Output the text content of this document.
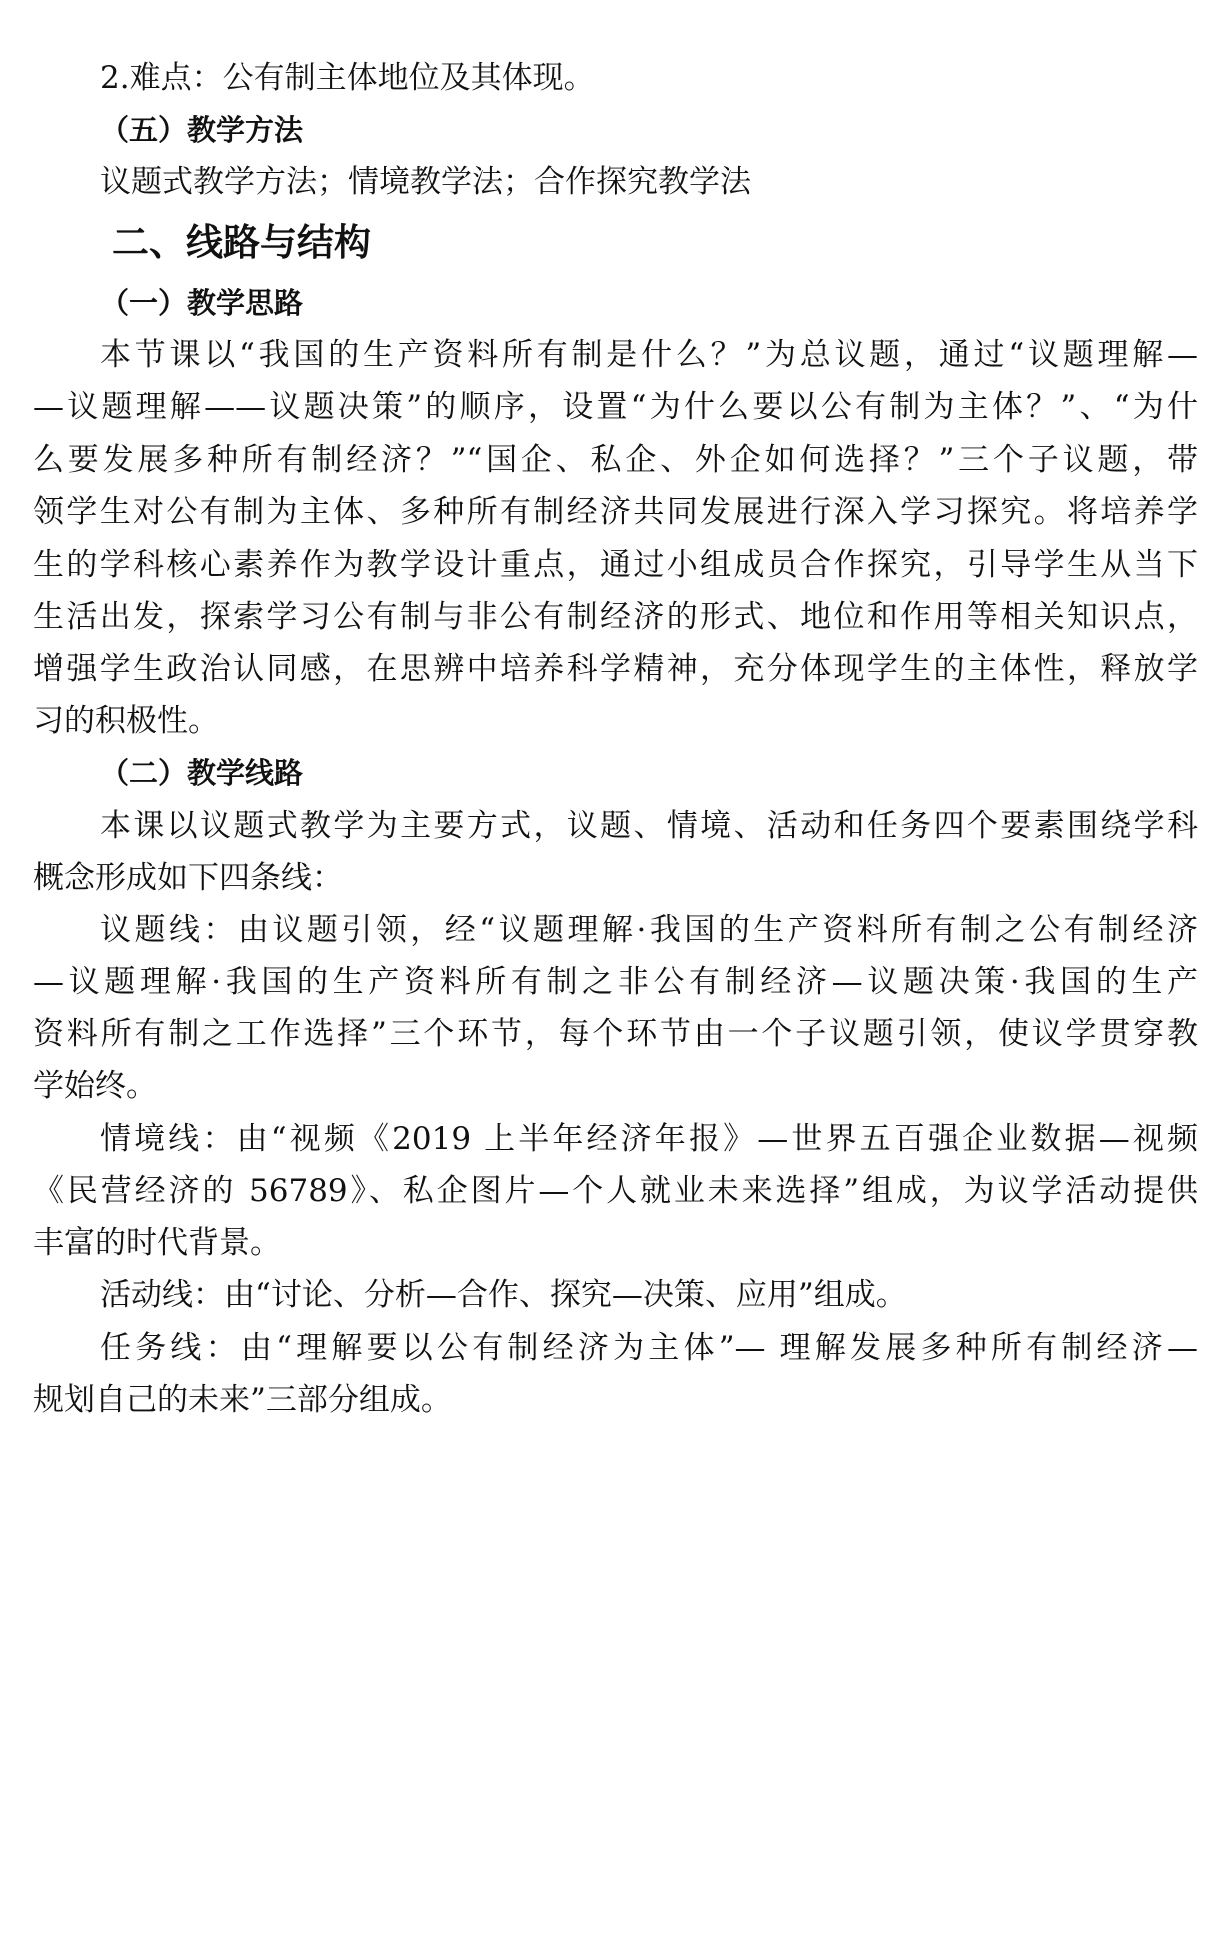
2.难点：公有制主体地位及其体现。
（五）教学方法
议题式教学方法；情境教学法；合作探究教学法
二、线路与结构
（一）教学思路
本节课以“我国的生产资料所有制是什么？”为总议题，通过“议题理解—
—议题理解——议题决策”的顺序，设置“为什么要以公有制为主体？”、“为什
么要发展多种所有制经济？”“国企、私企、外企如何选择？”三个子议题，带
领学生对公有制为主体、多种所有制经济共同发展进行深入学习探究。将培养学
生的学科核心素养作为教学设计重点，通过小组成员合作探究，引导学生从当下
生活出发，探索学习公有制与非公有制经济的形式、地位和作用等相关知识点，
增强学生政治认同感，在思辨中培养科学精神，充分体现学生的主体性，释放学
习的积极性。
（二）教学线路
本课以议题式教学为主要方式，议题、情境、活动和任务四个要素围绕学科
概念形成如下四条线：
议题线：由议题引领，经“议题理解·我国的生产资料所有制之公有制经济
—议题理解·我国的生产资料所有制之非公有制经济—议题决策·我国的生产
资料所有制之工作选择”三个环节，每个环节由一个子议题引领，使议学贯穿教
学始终。
情境线：由“视频《2019 上半年经济年报》—世界五百强企业数据—视频
《民营经济的 56789》、私企图片—个人就业未来选择”组成，为议学活动提供
丰富的时代背景。
活动线：由“讨论、分析—合作、探究—决策、应用”组成。
任务线：由“理解要以公有制经济为主体”— 理解发展多种所有制经济—
规划自己的未来”三部分组成。
